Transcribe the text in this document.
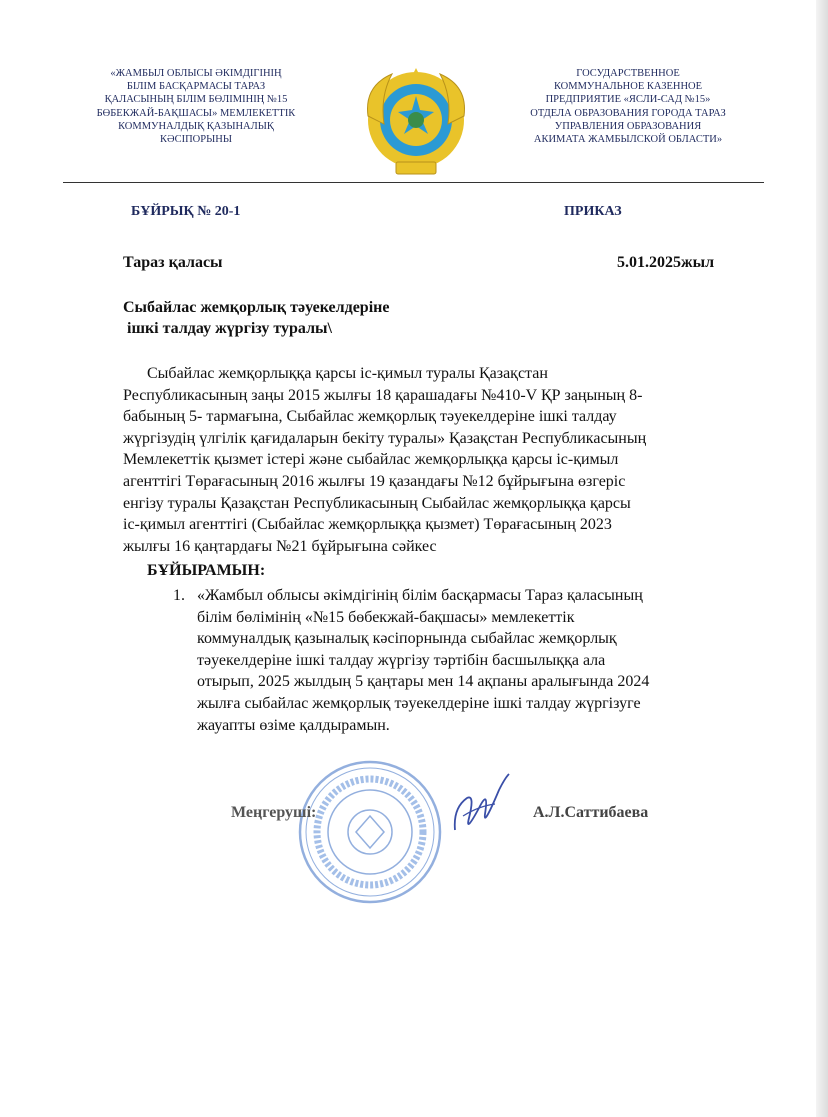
«ЖАМБЫЛ ОБЛЫСЫ ӘКІМДІГІНІҢ
БІЛІМ БАСҚАРМАСЫ ТАРАЗ
ҚАЛАСЫНЫҢ БІЛІМ БӨЛІМІНІҢ №15
БӨБЕКЖАЙ-БАҚШАСЫ» МЕМЛЕКЕТТІК
КОММУНАЛДЫҚ ҚАЗЫНАЛЫҚ
КӘСІПОРЫНЫ
ГОСУДАРСТВЕННОЕ
КОММУНАЛЬНОЕ КАЗЕННОЕ
ПРЕДПРИЯТИЕ «ЯСЛИ-САД №15»
ОТДЕЛА ОБРАЗОВАНИЯ ГОРОДА ТАРАЗ
УПРАВЛЕНИЯ ОБРАЗОВАНИЯ
АКИМАТА ЖАМБЫЛСКОЙ ОБЛАСТИ»
БҰЙРЫҚ № 20-1	ПРИКАЗ
Тараз қаласы	5.01.2025жыл
Сыбайлас жемқорлық тәуекелдеріне
ішкі талдау жүргізу туралы\
Сыбайлас жемқорлыққа қарсы іс-қимыл туралы Қазақстан
Республикасының заңы 2015 жылғы 18 қарашадағы №410-V ҚР заңының 8-
бабының 5- тармағына, Сыбайлас жемқорлық тәуекелдеріне ішкі талдау
жүргізудің үлгілік қағидаларын бекіту туралы» Қазақстан Республикасының
Мемлекеттік қызмет істері және сыбайлас жемқорлыққа қарсы іс-қимыл
агенттігі Төрағасының 2016 жылғы 19 қазандағы №12 бұйрығына өзгеріс
енгізу туралы Қазақстан Республикасының Сыбайлас жемқорлыққа қарсы
іс-қимыл агенттігі (Сыбайлас жемқорлыққа қызмет) Төрағасының 2023
жылғы 16 қаңтардағы №21 бұйрығына сәйкес
БҰЙЫРАМЫН:
1. «Жамбыл облысы әкімдігінің білім басқармасы Тараз қаласының
білім бөлімінің «№15 бөбекжай-бақшасы» мемлекеттік
коммуналдық қазыналық кәсіпорнында сыбайлас жемқорлық
тәуекелдеріне ішкі талдау жүргізу тәртібін басшылыққа ала
отырып, 2025 жылдың 5 қаңтары мен 14 ақпаны аралығында 2024
жылға сыбайлас жемқорлық тәуекелдеріне ішкі талдау жүргізуге
жауапты өзіме қалдырамын.
Меңгерушi:	А.Л.Саттибаева
